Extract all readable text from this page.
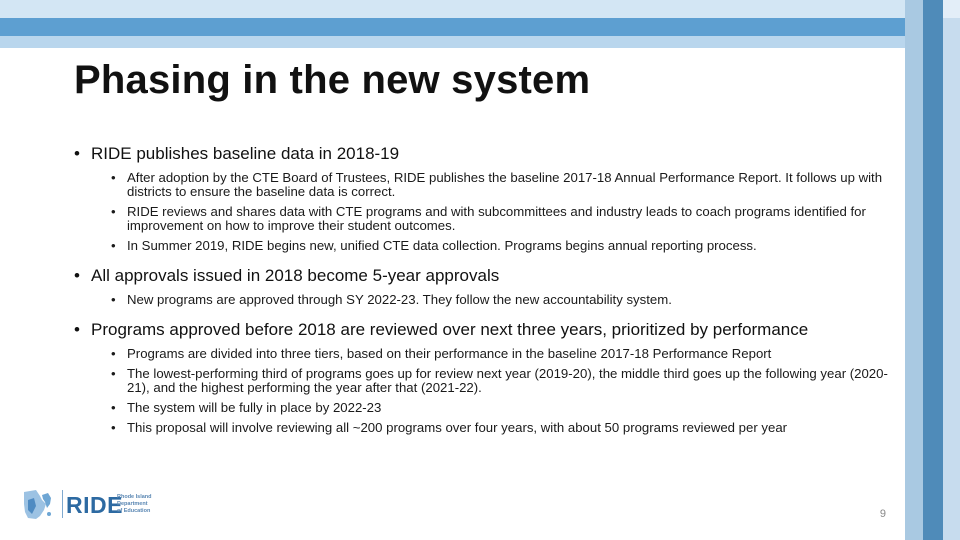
Phasing in the new system
• RIDE publishes baseline data in 2018-19
• After adoption by the CTE Board of Trustees, RIDE publishes the baseline 2017-18 Annual Performance Report. It follows up with districts to ensure the baseline data is correct.
• RIDE reviews and shares data with CTE programs and with subcommittees and industry leads to coach programs identified for improvement on how to improve their student outcomes.
• In Summer 2019, RIDE begins new, unified CTE data collection. Programs begins annual reporting process.
• All approvals issued in 2018 become 5-year approvals
• New programs are approved through SY 2022-23. They follow the new accountability system.
• Programs approved before 2018 are reviewed over next three years, prioritized by performance
• Programs are divided into three tiers, based on their performance in the baseline 2017-18 Performance Report
• The lowest-performing third of programs goes up for review next year (2019-20), the middle third goes up the following year (2020-21), and the highest performing the year after that (2021-22).
• The system will be fully in place by 2022-23
• This proposal will involve reviewing all ~200 programs over four years, with about 50 programs reviewed per year
RIDE
Rhode Island
Department
of Education	9
